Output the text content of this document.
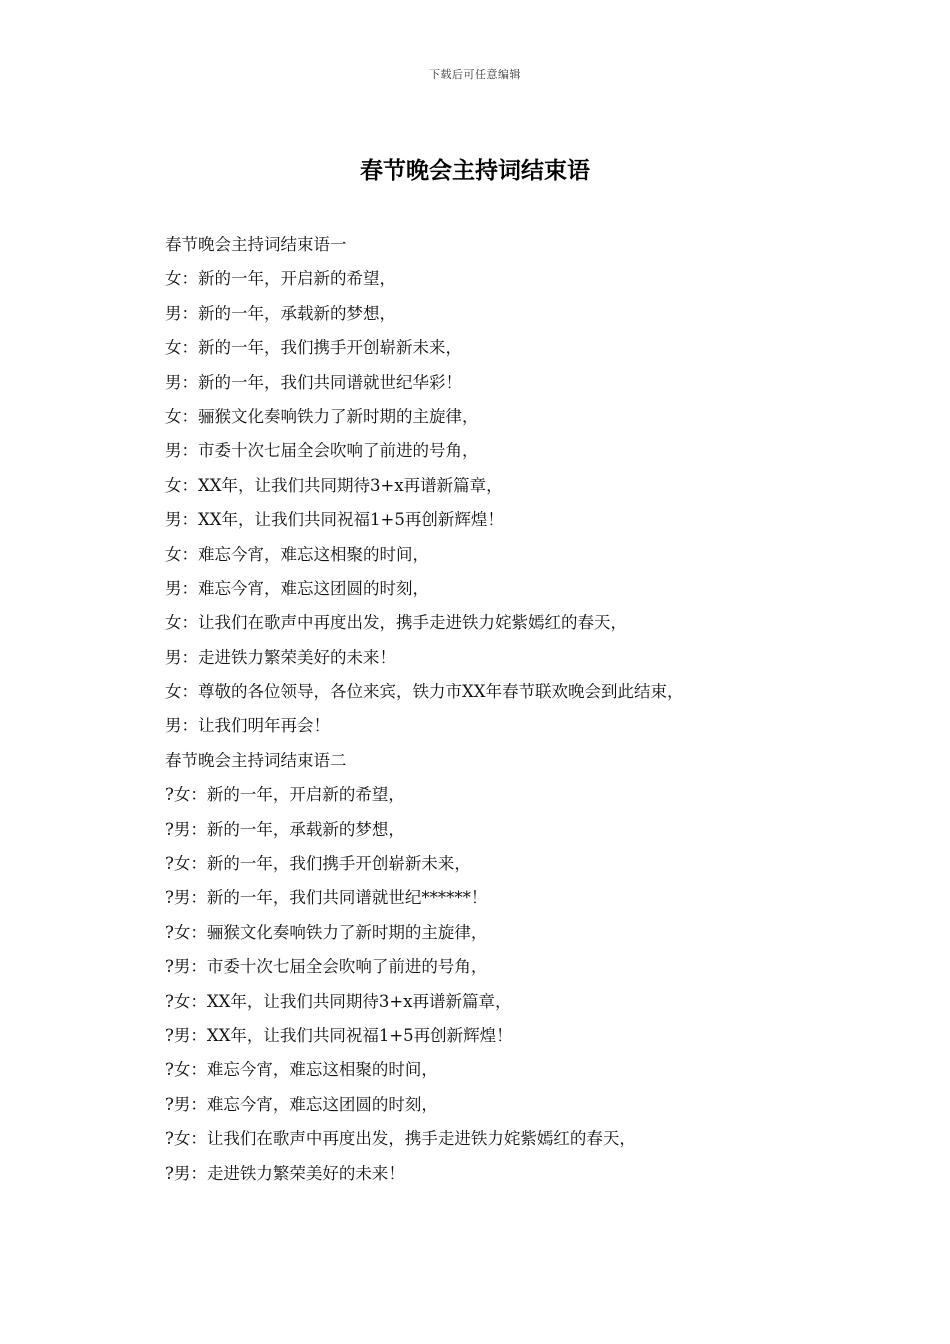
下载后可任意编辑
春节晚会主持词结束语
春节晚会主持词结束语一
女：新的一年，开启新的希望，
男：新的一年，承载新的梦想，
女：新的一年，我们携手开创崭新未来，
男：新的一年，我们共同谱就世纪华彩！
女：骊猴文化奏响铁力了新时期的主旋律，
男：市委十次七届全会吹响了前进的号角，
女：XX年，让我们共同期待3+x再谱新篇章，
男：XX年，让我们共同祝福1+5再创新辉煌！
女：难忘今宵，难忘这相聚的时间，
男：难忘今宵，难忘这团圆的时刻，
女：让我们在歌声中再度出发，携手走进铁力姹紫嫣红的春天，
男：走进铁力繁荣美好的未来！
女：尊敬的各位领导，各位来宾，铁力市XX年春节联欢晚会到此结束，
男：让我们明年再会！
春节晚会主持词结束语二
?女：新的一年，开启新的希望，
?男：新的一年，承载新的梦想，
?女：新的一年，我们携手开创崭新未来，
?男：新的一年，我们共同谱就世纪******！
?女：骊猴文化奏响铁力了新时期的主旋律，
?男：市委十次七届全会吹响了前进的号角，
?女：XX年，让我们共同期待3+x再谱新篇章，
?男：XX年，让我们共同祝福1+5再创新辉煌！
?女：难忘今宵，难忘这相聚的时间，
?男：难忘今宵，难忘这团圆的时刻，
?女：让我们在歌声中再度出发，携手走进铁力姹紫嫣红的春天，
?男：走进铁力繁荣美好的未来！
